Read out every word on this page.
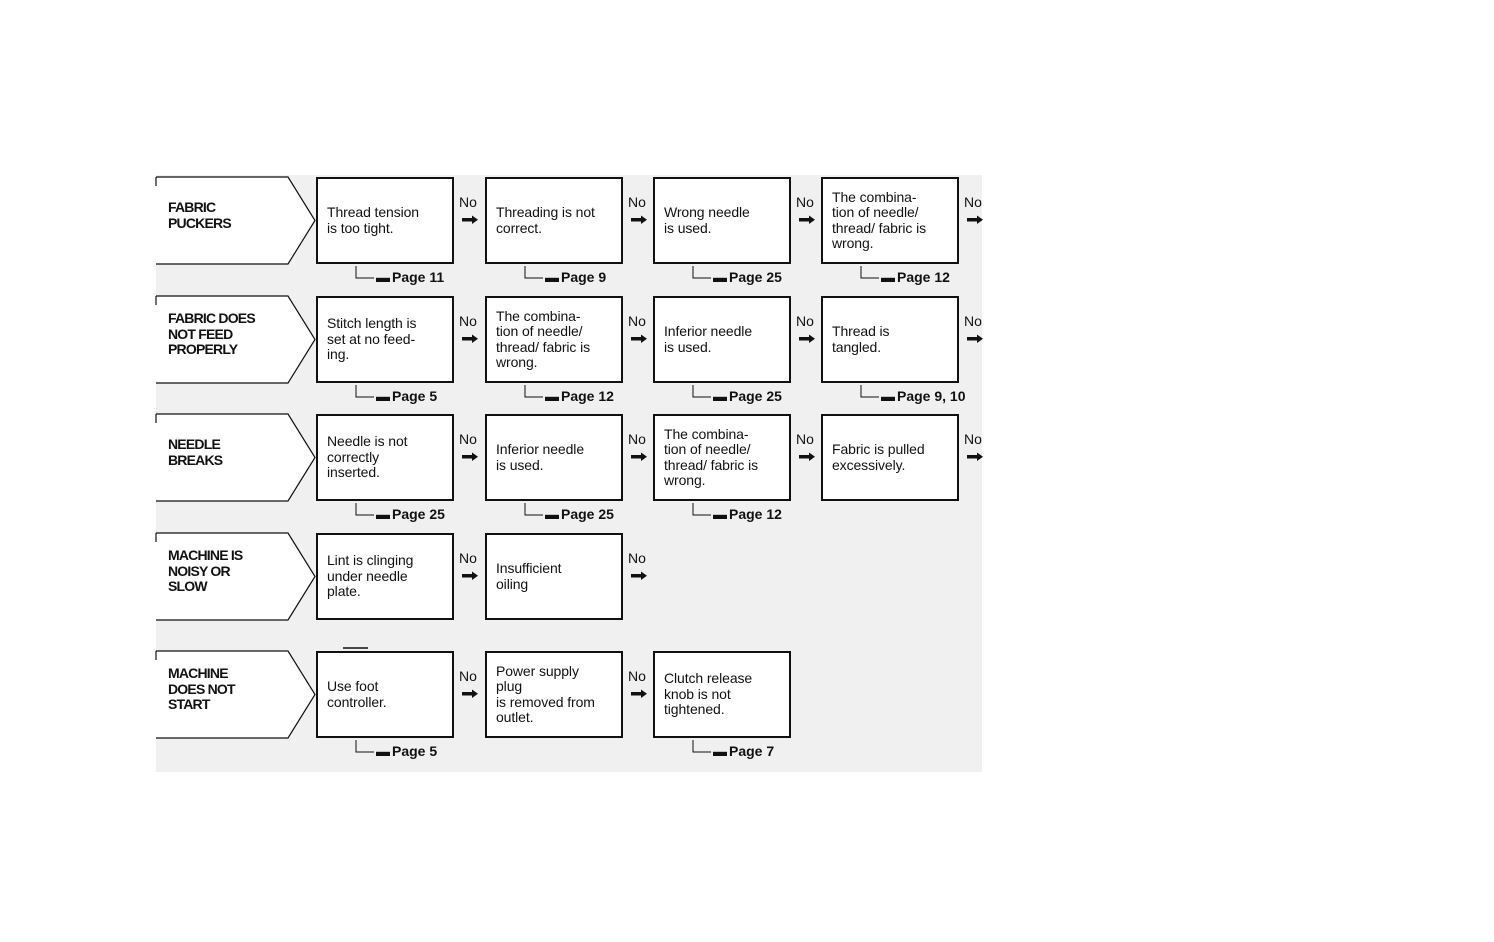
FABRIC
PUCKERS
Thread tension
is too tight.
No
▬ Page 11
Threading is not
correct.
No
▬ Page 9
Wrong needle
is used.
No
▬ Page 25
The combina-
tion of needle/
thread/ fabric is
wrong.
No
▬ Page 12
FABRIC DOES
NOT FEED
PROPERLY
Stitch length is
set at no feed-
ing.
No
▬ Page 5
The combina-
tion of needle/
thread/ fabric is
wrong.
No
▬ Page 12
Inferior needle
is used.
No
▬ Page 25
Thread is
tangled.
No
▬ Page 9, 10
NEEDLE
BREAKS
Needle is not
correctly
inserted.
No
▬ Page 25
Inferior needle
is used.
No
▬ Page 25
The combina-
tion of needle/
thread/ fabric is
wrong.
No
▬ Page 12
Fabric is pulled
excessively.
No
MACHINE IS
NOISY OR
SLOW
Lint is clinging
under needle
plate.
No
Insufficient
oiling
No
MACHINE
DOES NOT
START
Use foot
controller.
No
▬ Page 5
Power supply
plug
is removed from
outlet.
No Clutch release
knob is not
tightened.
▬ Page 7
